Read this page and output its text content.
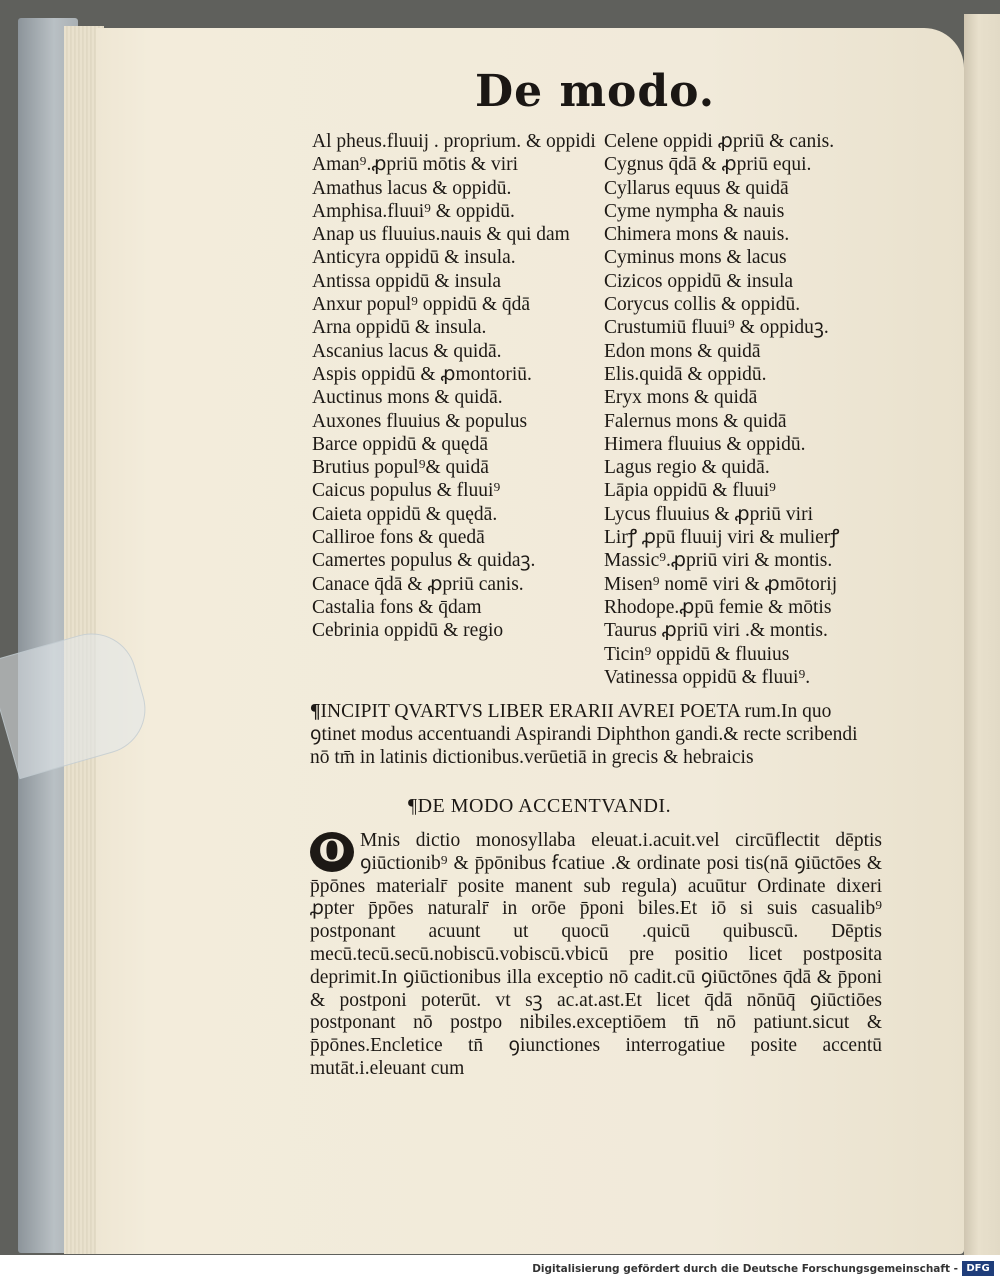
De modo.
Al pheus.fluuij . proprium. & oppidi
Aman⁹.ꝓpriū mōtis & viri
Amathus lacus & oppidū.
Amphisa.fluui⁹ & oppidū.
Anap us fluuius.nauis & qui dam
Anticyra oppidū & insula.
Antissa oppidū & insula
Anxur popul⁹ oppidū & q̄dā
Arna oppidū & insula.
Ascanius lacus & quidā.
Aspis oppidū & ꝓmontoriū.
Auctinus mons & quidā.
Auxones fluuius & populus
Barce oppidū & quędā
Brutius popul⁹& quidā
Caicus populus & fluui⁹
Caieta oppidū & quędā.
Calliroe fons & quedā
Camertes populus & quidaꝫ.
Canace q̄dā & ꝓpriū canis.
Castalia fons & q̄dam
Cebrinia oppidū & regio
Celene oppidi ꝓpriū & canis.
Cygnus q̄dā & ꝓpriū equi.
Cyllarus equus & quidā
Cyme nympha & nauis
Chimera mons & nauis.
Cyminus mons & lacus
Cizicos oppidū & insula
Corycus collis & oppidū.
Crustumiū fluui⁹ & oppiduꝫ.
Edon mons & quidā
Elis.quidā & oppidū.
Eryx mons & quidā
Falernus mons & quidā
Himera fluuius & oppidū.
Lagus regio & quidā.
Lāpia oppidū & fluui⁹
Lycus fluuius & ꝓpriū viri
Lirꝭ ꝓpū fluuij viri & mulierꝭ
Massic⁹.ꝓpriū viri & montis.
Misen⁹ nomē viri & ꝓmōtorij
Rhodope.ꝓpū femie & mōtis
Taurus ꝓpriū viri .& montis.
Ticin⁹ oppidū & fluuius
Vatinessa oppidū & fluui⁹.

¶INCIPIT QVARTVS LIBER ERARII AVREI POETA rum.In quo ꝯtinet modus accentuandi Aspirandi Diphthon gandi.& recte scribendi nō tm̄ in latinis dictionibus.verūetiā in grecis & hebraicis

¶DE MODO ACCENTVANDI.

O Mnis dictio monosyllaba eleuat.i.acuit.vel circūflectit dēptis ꝯiūctionib⁹ & p̄pōnibus ẜcatiue .& ordinate posi tis(nā ꝯiūctōes & p̄pōnes materialr̄ posite manent sub regula) acuūtur Ordinate dixeri ꝓpter p̄pōes naturalr̄ in orōe p̄poni biles.Et iō si suis casualib⁹ postponant acuunt ut quocū .quicū quibuscū. Dēptis mecū.tecū.secū.nobiscū.vobiscū.vbicū pre positio licet postposita deprimit.In ꝯiūctionibus illa exceptio nō cadit.cū ꝯiūctōnes q̄dā & p̄poni & postponi poterūt. vt sꝫ ac.at.ast.Et licet q̄dā nōnūq̄ ꝯiūctiōes postponant nō postpo nibiles.exceptiōem tn̄ nō patiunt.sicut & p̄pōnes.Encletice tn̄ ꝯiunctiones interrogatiue posite accentū mutāt.i.eleuant cum

Digitalisierung gefördert durch die Deutsche Forschungsgemeinschaft - DFG
